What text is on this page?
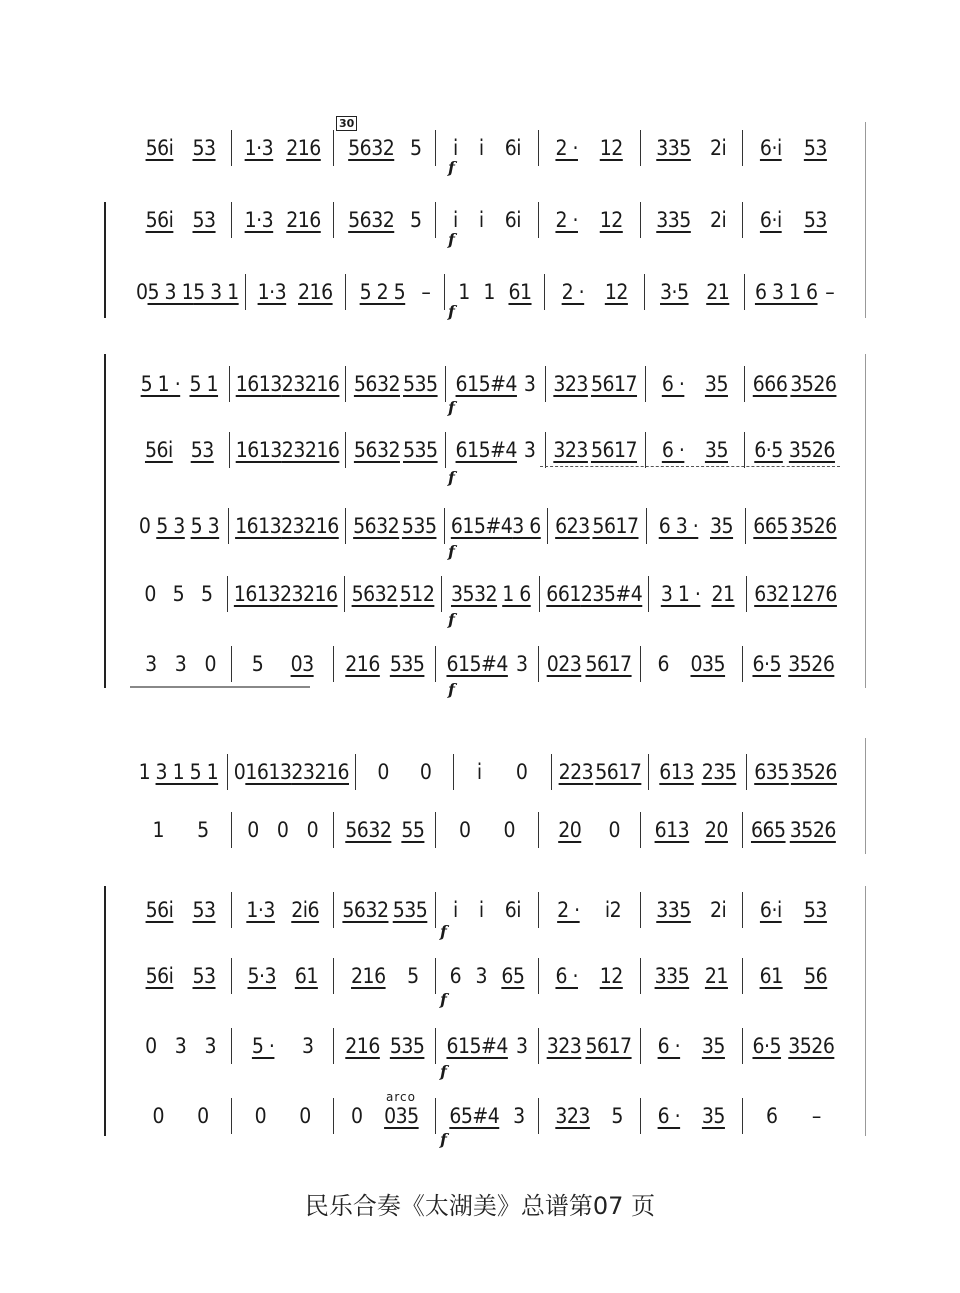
30
56i 53 1·3 216 5632 5 i i 6i 2 · 12 335 2i 6·i 53
56i 53 1·3 216 5632 5 i i 6i 2 · 12 335 2i 6·i 53
0 5 3 1 5 3 1 1·3 216 5 2 5 – 1 1 61 2 · 12 3·5 21 6 3 1 6 –
f
f
f
5 1 · 5 1 1613 23216 5632 535 615#4 3 323 5617 6 · 35 666 3526
56i 53 1613 23216 5632 535 615#4 3 323 5617 6 · 35 6·5 3526
0 5 3 5 3 1613 23216 5632 535 615#4 3 6 623 5617 6 3 · 35 665 3526
0 5 5 1613 23216 5632 512 3532 1 6 661 235#4 3 1 · 21 632 1276
3 3 0 5 03 216 535 615#4 3 023 5617 6 035 6·5 3526
f
f
f
f
f
1 3 1 5 1 0 1613 23216 0 0 i 0 223 5617 613 235 635 3526
1 5 0 0 0 5632 55 0 0 20 0 613 20 665 3526
56i 53 1·3 2i6 5632 535 i i 6i 2 · i2 335 2i 6·i 53
56i 53 5·3 61 216 5 6 3 65 6 · 12 335 21 61 56
0 3 3 5 · 3 216 535 615#4 3 323 5617 6 · 35 6·5 3526
0 0 0 0 0 035 65#4 3 323 5 6 · 35 6 –
f
f
f
f
arco
民乐合奏《太湖美》总谱第07 页
